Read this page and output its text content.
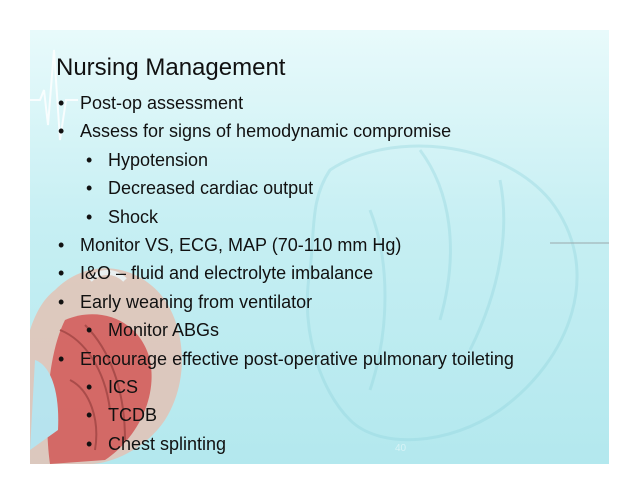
Nursing Management
• Post-op assessment
• Assess for signs of hemodynamic compromise
• Hypotension
• Decreased cardiac output
• Shock
• Monitor VS, ECG, MAP (70-110 mm Hg)
• I&O – fluid and electrolyte imbalance
• Early weaning from ventilator
• Monitor ABGs
• Encourage effective post-operative pulmonary toileting
• ICS
• TCDB
• Chest splinting	40
